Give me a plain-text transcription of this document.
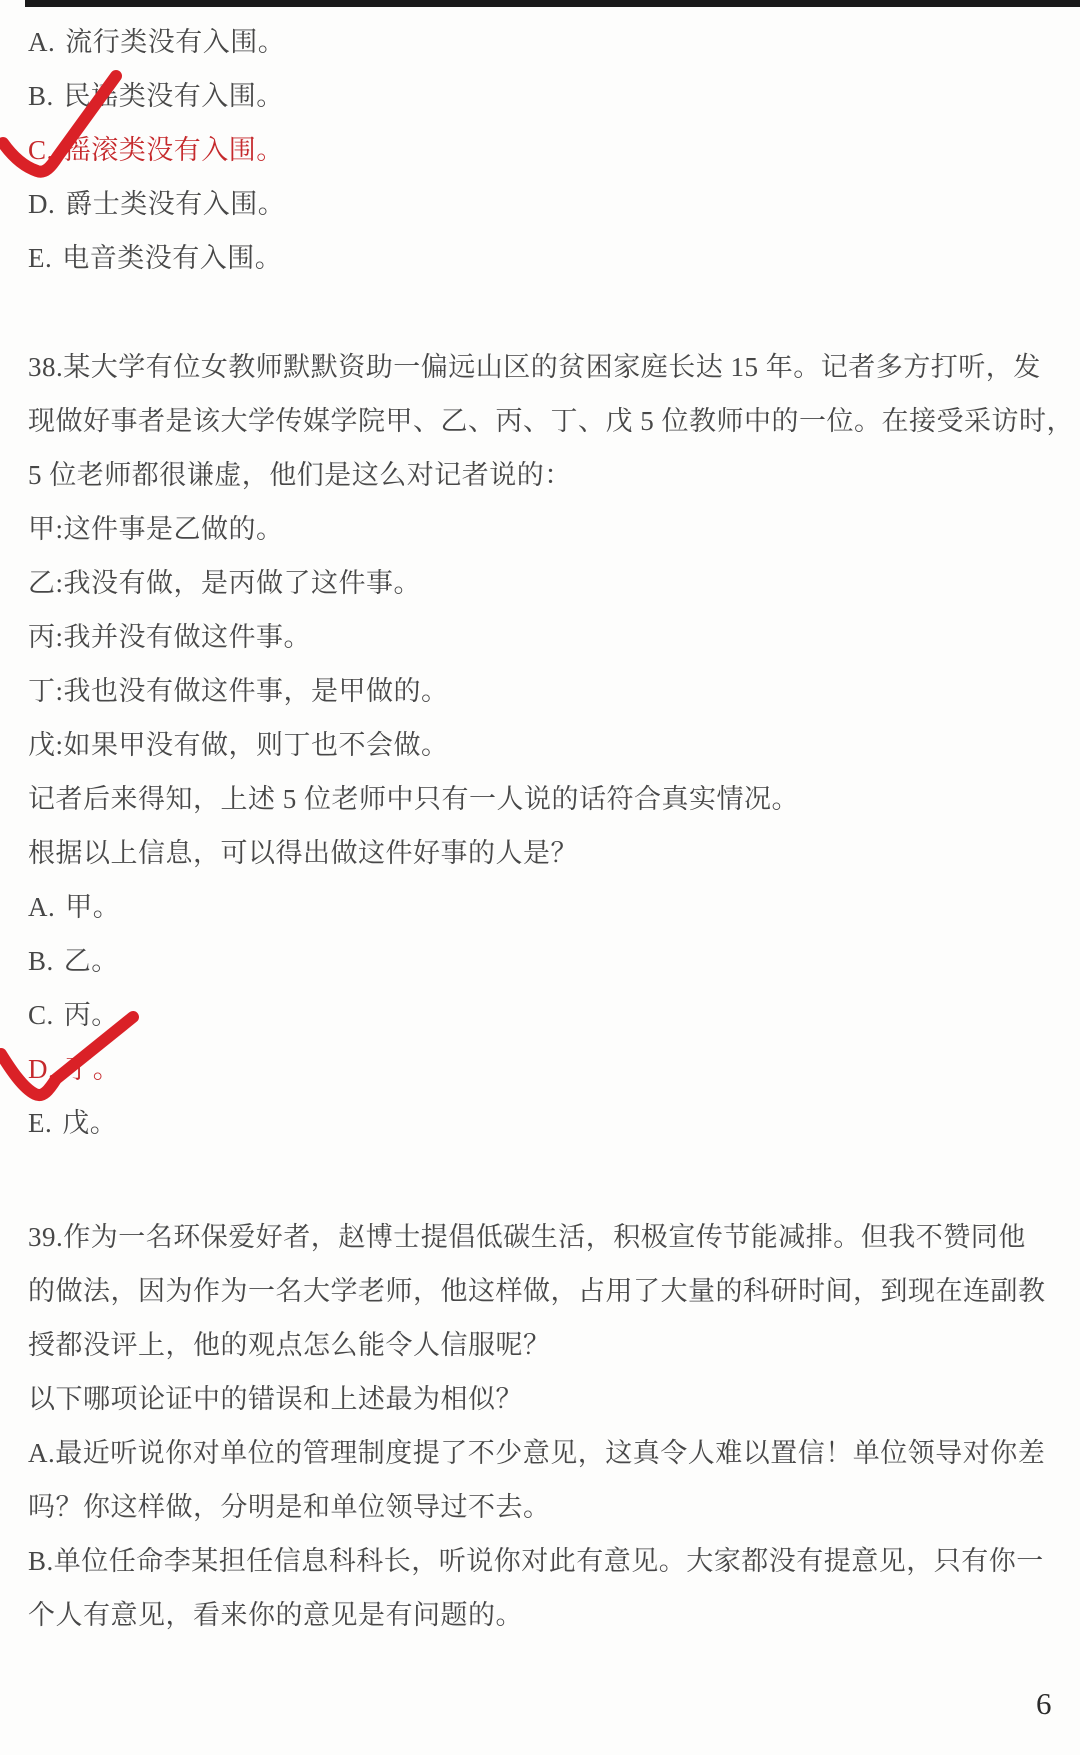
A. 流行类没有入围。
B. 民谣类没有入围。
C. 摇滚类没有入围。
D. 爵士类没有入围。
E. 电音类没有入围。
38.某大学有位女教师默默资助一偏远山区的贫困家庭长达 15 年。记者多方打听，发
现做好事者是该大学传媒学院甲、乙、丙、丁、戊 5 位教师中的一位。在接受采访时，
5 位老师都很谦虚，他们是这么对记者说的：
甲:这件事是乙做的。
乙:我没有做，是丙做了这件事。
丙:我并没有做这件事。
丁:我也没有做这件事，是甲做的。
戊:如果甲没有做，则丁也不会做。
记者后来得知，上述 5 位老师中只有一人说的话符合真实情况。
根据以上信息，可以得出做这件好事的人是？
A. 甲。
B. 乙。
C. 丙。
D. 丁。
E. 戊。
39.作为一名环保爱好者，赵博士提倡低碳生活，积极宣传节能减排。但我不赞同他
的做法，因为作为一名大学老师，他这样做，占用了大量的科研时间，到现在连副教
授都没评上，他的观点怎么能令人信服呢？
以下哪项论证中的错误和上述最为相似？
A.最近听说你对单位的管理制度提了不少意见，这真令人难以置信！单位领导对你差
吗？你这样做，分明是和单位领导过不去。
B.单位任命李某担任信息科科长，听说你对此有意见。大家都没有提意见，只有你一
个人有意见，看来你的意见是有问题的。
6
